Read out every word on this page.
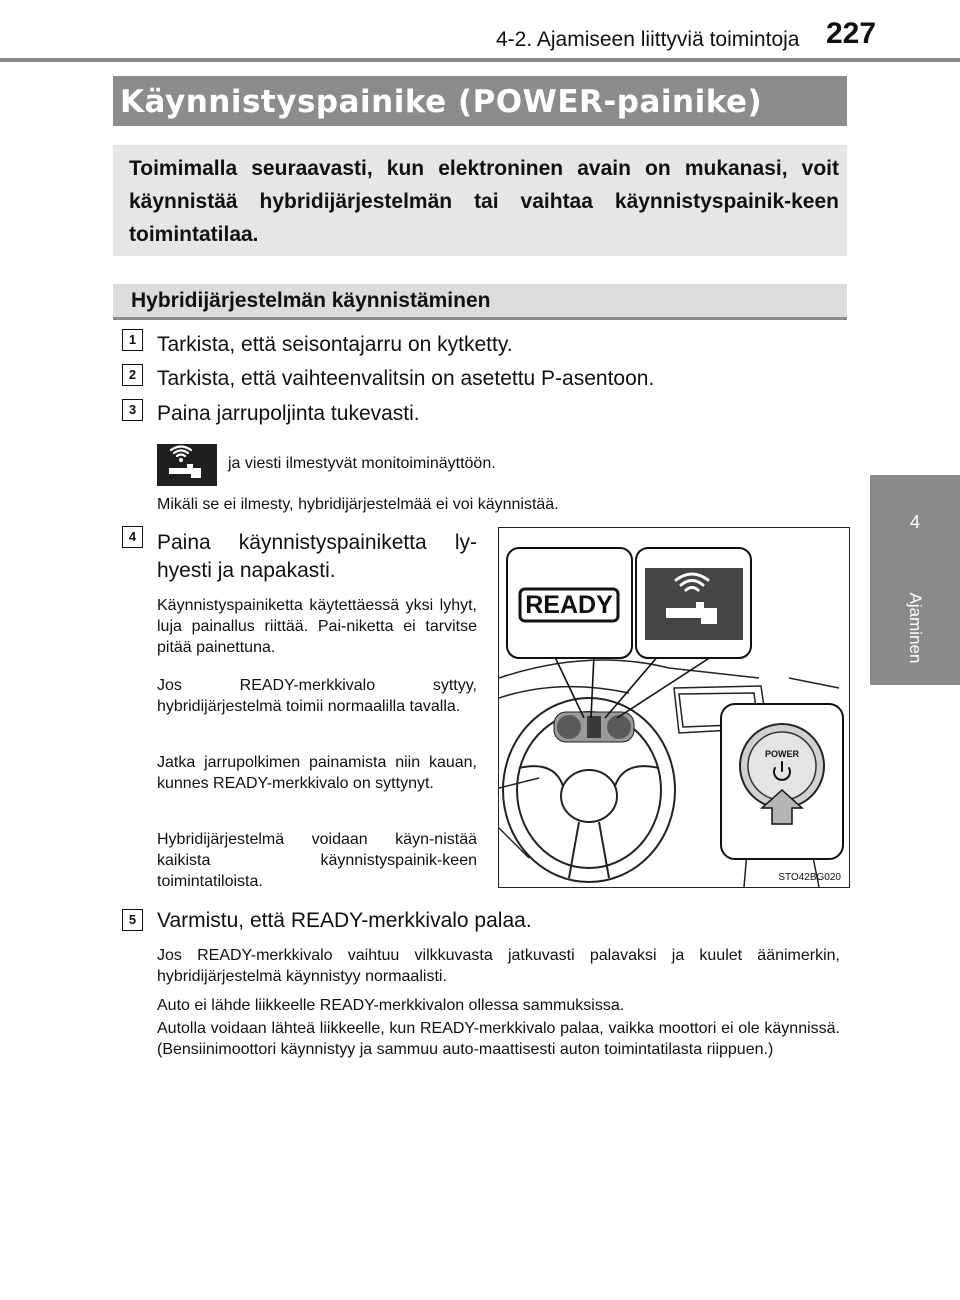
4-2. Ajamiseen liittyviä toimintoja 227
4
Ajaminen
Käynnistyspainike (POWER-painike)
Toimimalla seuraavasti, kun elektroninen avain on mukanasi, voit käynnistää hybridijärjestelmän tai vaihtaa käynnistyspainik-keen toimintatilaa.
Hybridijärjestelmän käynnistäminen
1 Tarkista, että seisontajarru on kytketty.
2 Tarkista, että vaihteenvalitsin on asetettu P-asentoon.
3 Paina jarrupoljinta tukevasti.
ja viesti ilmestyvät monitoiminäyttöön.
Mikäli se ei ilmesty, hybridijärjestelmää ei voi käynnistää.
4 Paina käynnistyspainiketta ly-hyesti ja napakasti.
Käynnistyspainiketta käytettäessä yksi lyhyt, luja painallus riittää. Pai-niketta ei tarvitse pitää painettuna.
Jos READY-merkkivalo syttyy, hybridijärjestelmä toimii normaalilla tavalla.
Jatka jarrupolkimen painamista niin kauan, kunnes READY-merkkivalo on syttynyt.
Hybridijärjestelmä voidaan käyn-nistää kaikista käynnistyspainik-keen toimintatiloista.
READY
POWER
STO42BG020
5 Varmistu, että READY-merkkivalo palaa.
Jos READY-merkkivalo vaihtuu vilkkuvasta jatkuvasti palavaksi ja kuulet äänimerkin, hybridijärjestelmä käynnistyy normaalisti.
Auto ei lähde liikkeelle READY-merkkivalon ollessa sammuksissa.
Autolla voidaan lähteä liikkeelle, kun READY-merkkivalo palaa, vaikka moottori ei ole käynnissä. (Bensiinimoottori käynnistyy ja sammuu auto-maattisesti auton toimintatilasta riippuen.)
